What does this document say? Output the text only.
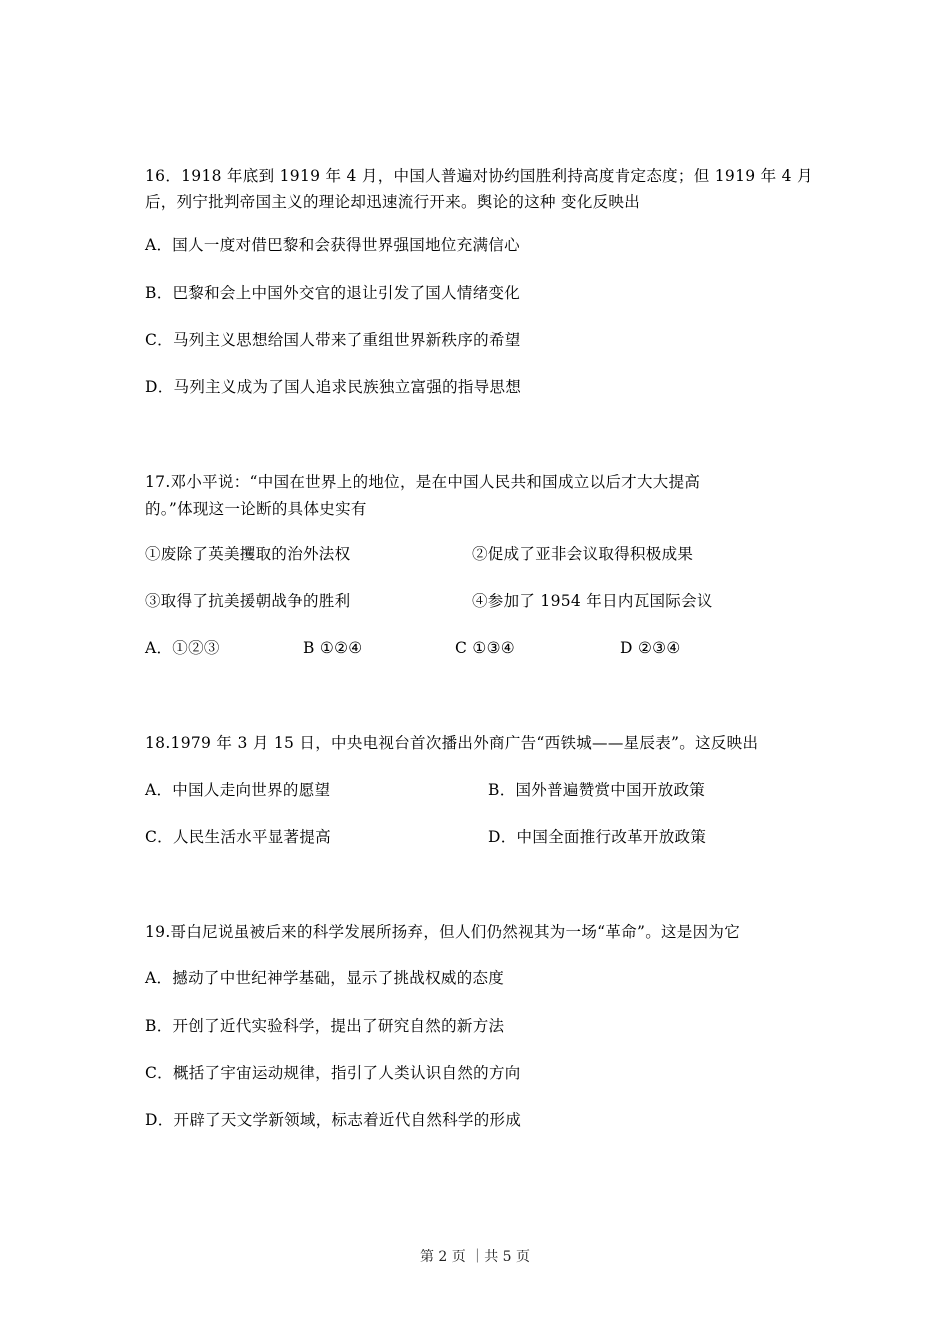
16．1918 年底到 1919 年 4 月，中国人普遍对协约国胜利持高度肯定态度；但 1919 年 4 月
后，列宁批判帝国主义的理论却迅速流行开来。舆论的这种 变化反映出
A．国人一度对借巴黎和会获得世界强国地位充满信心
B．巴黎和会上中国外交官的退让引发了国人情绪变化
C．马列主义思想给国人带来了重组世界新秩序的希望
D．马列主义成为了国人追求民族独立富强的指导思想
17.邓小平说：“中国在世界上的地位，是在中国人民共和国成立以后才大大提高
的。”体现这一论断的具体史实有
①废除了英美攫取的治外法权	②促成了亚非会议取得积极成果
③取得了抗美援朝战争的胜利	④参加了 1954 年日内瓦国际会议
A．①②③	B ①②④	C ①③④	D ②③④
18.1979 年 3 月 15 日，中央电视台首次播出外商广告“西铁城——星辰表”。这反映出
A．中国人走向世界的愿望	B．国外普遍赞赏中国开放政策
C．人民生活水平显著提高	D．中国全面推行改革开放政策
19.哥白尼说虽被后来的科学发展所扬弃，但人们仍然视其为一场“革命”。这是因为它
A．撼动了中世纪神学基础，显示了挑战权威的态度
B．开创了近代实验科学，提出了研究自然的新方法
C．概括了宇宙运动规律，指引了人类认识自然的方向
D．开辟了天文学新领域，标志着近代自然科学的形成
第 2 页 ｜共 5 页
